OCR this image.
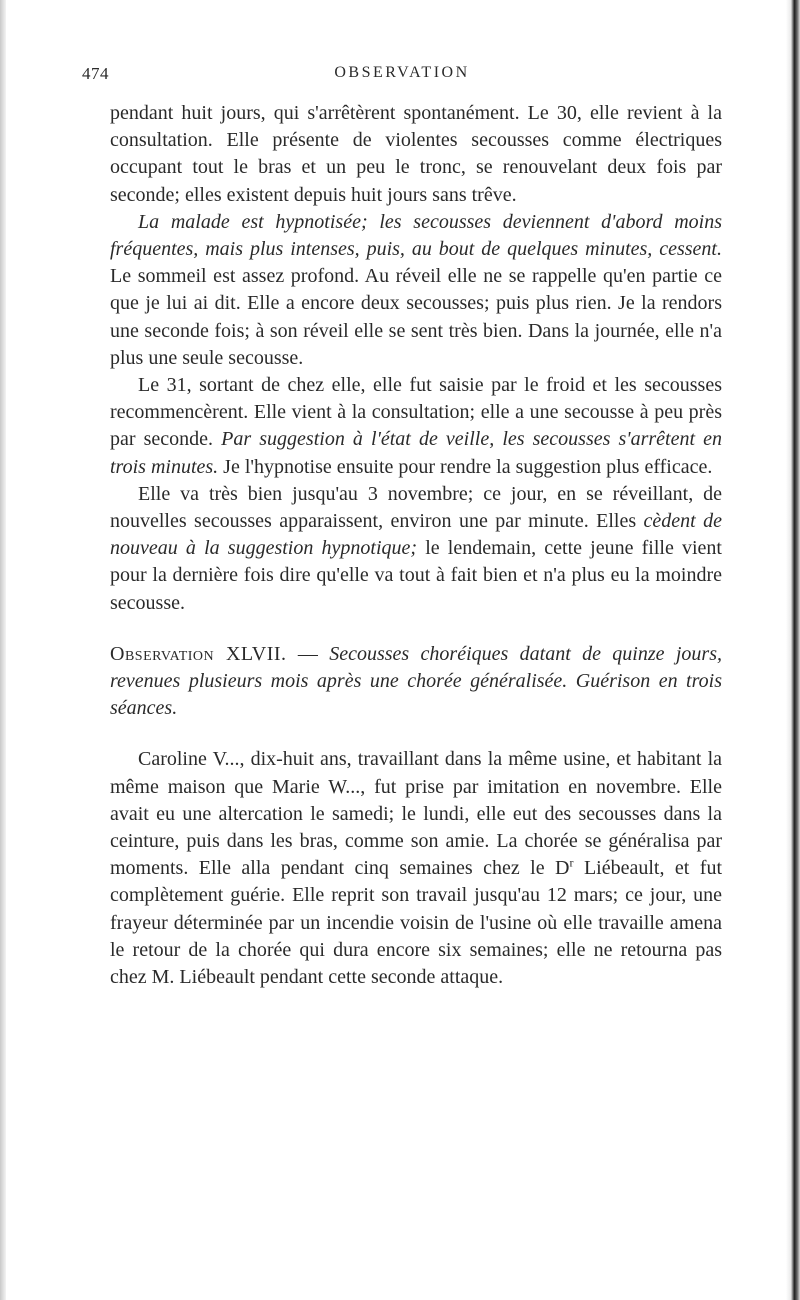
474	OBSERVATION

pendant huit jours, qui s'arrêtèrent spontanément. Le 30, elle revient à la consultation. Elle présente de violentes secousses comme électriques occupant tout le bras et un peu le tronc, se renouvelant deux fois par seconde; elles existent depuis huit jours sans trêve.

La malade est hypnotisée; les secousses deviennent d'abord moins fréquentes, mais plus intenses, puis, au bout de quelques minutes, cessent. Le sommeil est assez profond. Au réveil elle ne se rappelle qu'en partie ce que je lui ai dit. Elle a encore deux secousses; puis plus rien. Je la rendors une seconde fois; à son réveil elle se sent très bien. Dans la journée, elle n'a plus une seule secousse.

Le 31, sortant de chez elle, elle fut saisie par le froid et les secousses recommencèrent. Elle vient à la consultation; elle a une secousse à peu près par seconde. Par suggestion à l'état de veille, les secousses s'arrêtent en trois minutes. Je l'hypnotise ensuite pour rendre la suggestion plus efficace.

Elle va très bien jusqu'au 3 novembre; ce jour, en se réveillant, de nouvelles secousses apparaissent, environ une par minute. Elles cèdent de nouveau à la suggestion hypnotique; le lendemain, cette jeune fille vient pour la dernière fois dire qu'elle va tout à fait bien et n'a plus eu la moindre secousse.

Observation XLVII. — Secousses choréiques datant de quinze jours, revenues plusieurs mois après une chorée généralisée. Guérison en trois séances.

Caroline V..., dix-huit ans, travaillant dans la même usine, et habitant la même maison que Marie W..., fut prise par imitation en novembre. Elle avait eu une altercation le samedi; le lundi, elle eut des secousses dans la ceinture, puis dans les bras, comme son amie. La chorée se généralisa par moments. Elle alla pendant cinq semaines chez le $D^r$ Liébeault, et fut complètement guérie. Elle reprit son travail jusqu'au 12 mars; ce jour, une frayeur déterminée par un incendie voisin de l'usine où elle travaille amena le retour de la chorée qui dura encore six semaines; elle ne retourna pas chez M. Liébeault pendant cette seconde attaque.
